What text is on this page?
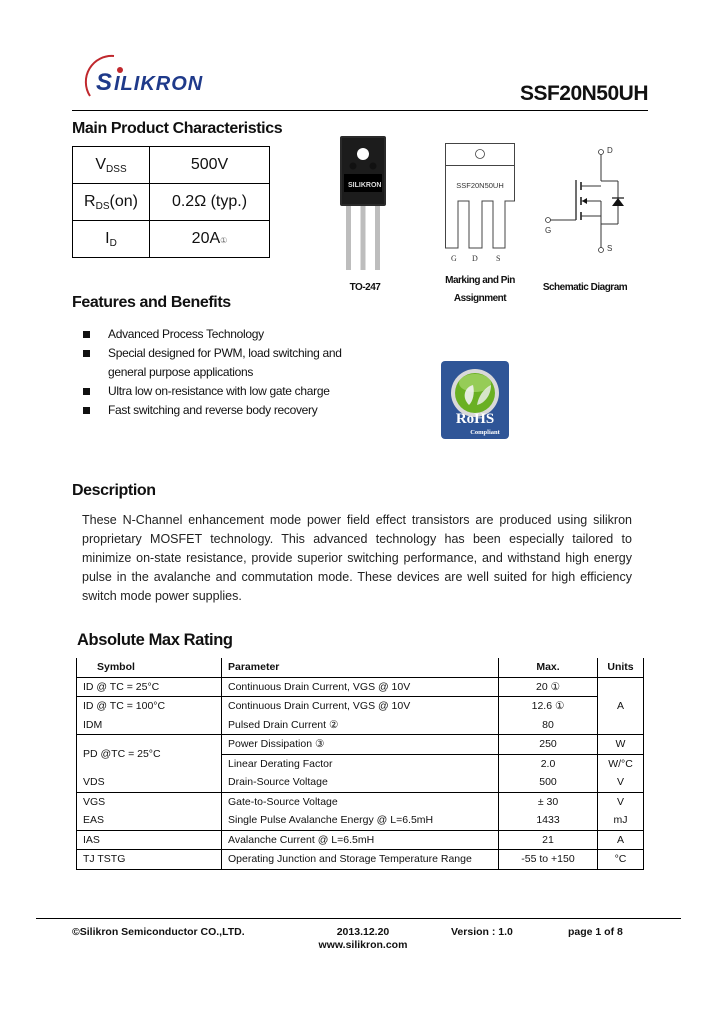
S ILIKRON	SSF20N50UH
Main Product Characteristics
$V_{DSS}$	500V
$R_{DS}(on)$	0.2Ω (typ.)
$I_D$	20A①
SILIKRON
TO-247
G D S
SSF20N50UH
Marking and Pin
Assignment
D
G
S
Schematic Diagram
Features and Benefits
Advanced Process Technology
Special designed for PWM, load switching and general purpose applications
Ultra low on-resistance with low gate charge
Fast switching and reverse body recovery
RoHS
Compliant
Description
These N-Channel enhancement mode power field effect transistors are produced using silikron proprietary MOSFET technology. This advanced technology has been especially tailored to minimize on-state resistance, provide superior switching performance, and withstand high energy pulse in the avalanche and commutation mode. These devices are well suited for high efficiency switch mode power supplies.
Absolute Max Rating
Symbol	Parameter	Max.	Units
ID @ TC = 25°C	Continuous Drain Current, VGS @ 10V	20 ①	A
ID @ TC = 100°C	Continuous Drain Current, VGS @ 10V	12.6 ①	
IDM	Pulsed Drain Current ②	80	
PD @TC = 25°C	Power Dissipation ③	250	W
	Linear Derating Factor	2.0	W/°C
VDS	Drain-Source Voltage	500	V
VGS	Gate-to-Source Voltage	± 30	V
EAS	Single Pulse Avalanche Energy @ L=6.5mH	1433	mJ
IAS	Avalanche Current @ L=6.5mH	21	A
TJ TSTG	Operating Junction and Storage Temperature Range	-55 to +150	°C
©Silikron Semiconductor CO.,LTD.	2013.12.20
www.silikron.com
Version : 1.0	page 1 of 8
